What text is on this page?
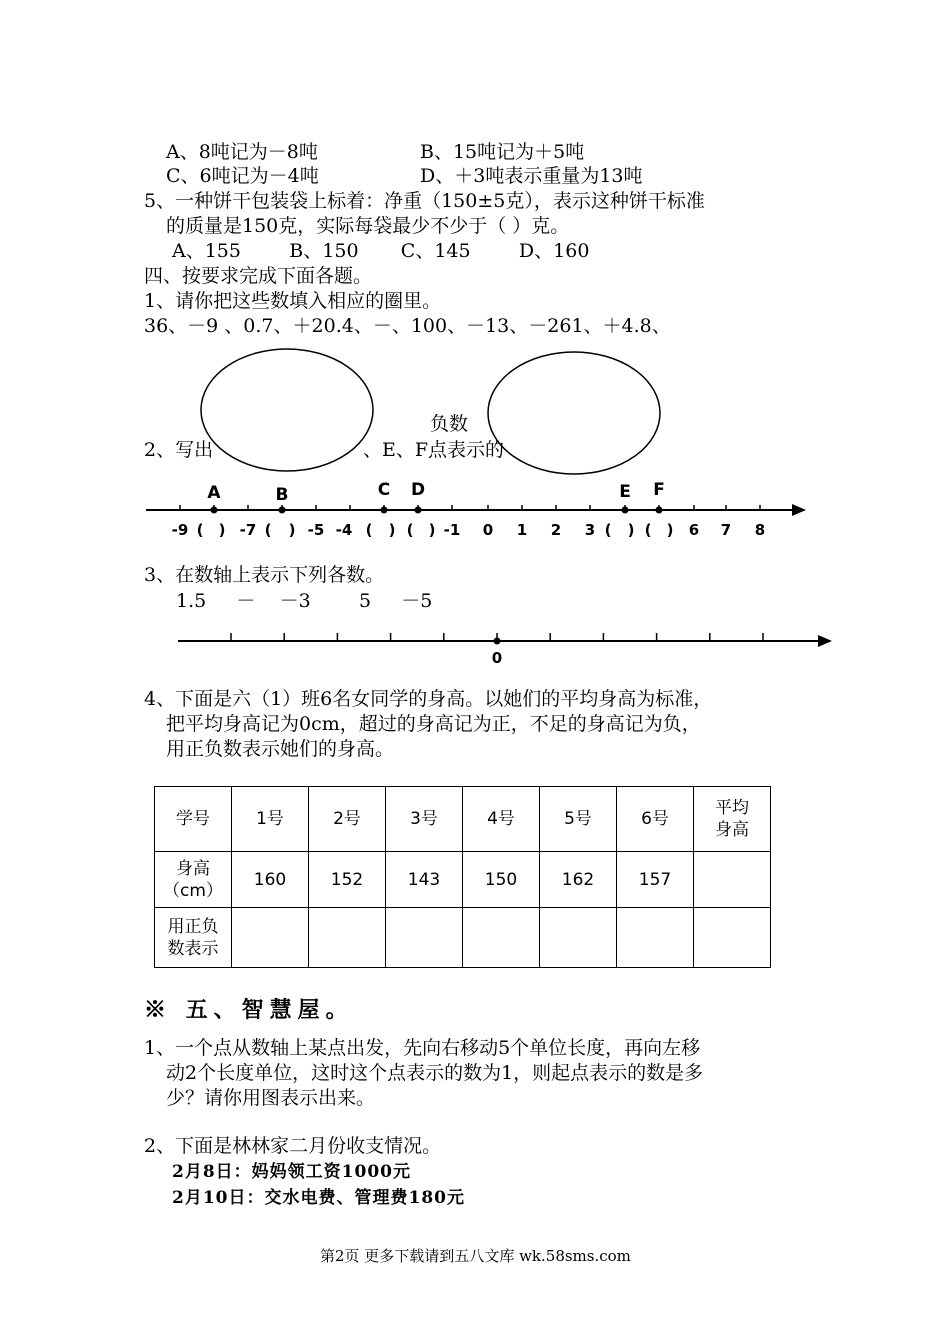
A、8吨记为－8吨	B、15吨记为＋5吨
C、6吨记为－4吨	D、＋3吨表示重量为13吨
5、一种饼干包装袋上标着：净重（150±5克），表示这种饼干标准
的质量是150克，实际每袋最少不少于（ ）克。
A、155        B、150       C、145        D、160
四、按要求完成下面各题。
1、请你把这些数填入相应的圈里。
36、－9 、0.7、＋20.4、－、100、－13、－261、＋4.8、
2、写出	、E、F点表示的
-9 ( ) -7 ( ) -5 -4 ( ) ( ) -1 0 1 2 3 ( ) ( ) 6 7 8
A	B	C D	E F
0
负数
3、在数轴上表示下列各数。
1.5     －    －3        5     －5
4、下面是六（1）班6名女同学的身高。以她们的平均身高为标准，
把平均身高记为0cm，超过的身高记为正，不足的身高记为负，
用正负数表示她们的身高。
学号	1号	2号	3号	4号	5号	6号	平均
身高
身高
（cm）	160	152	143	150	162	157	
用正负
数表示							
※ 五、智慧屋。
1、一个点从数轴上某点出发，先向右移动5个单位长度，再向左移
动2个长度单位，这时这个点表示的数为1，则起点表示的数是多
少？请你用图表示出来。
2、下面是林林家二月份收支情况。
2月8日：妈妈领工资1000元
2月10日：交水电费、管理费180元
第2页 更多下载请到五八文库 wk.58sms.com
